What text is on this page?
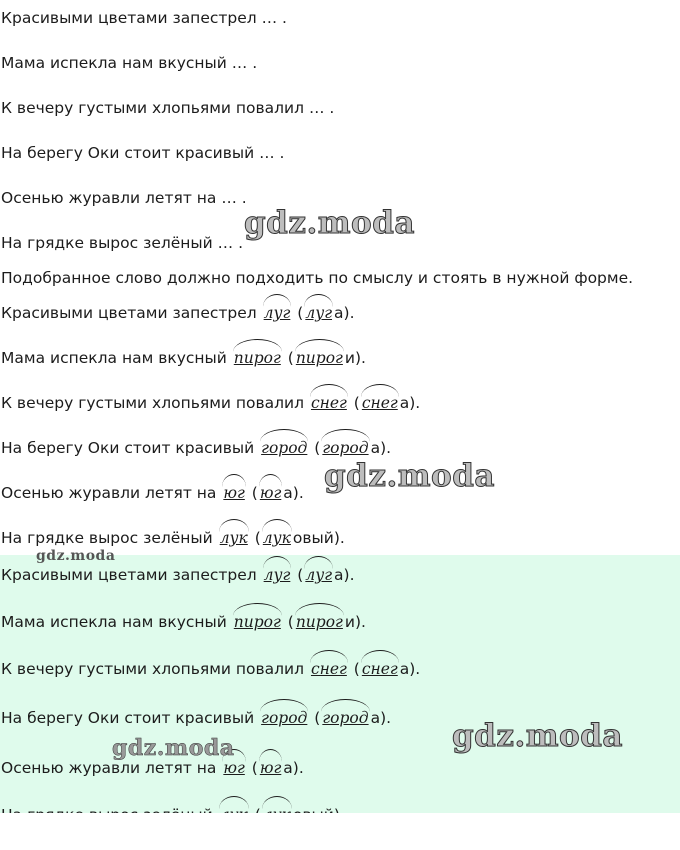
Красивыми цветами запестрел … .
Мама испекла нам вкусный … .
К вечеру густыми хлопьями повалил … .
На берегу Оки стоит красивый … .
Осенью журавли летят на … .
На грядке вырос зелёный … .
Подобранное слово должно подходить по смыслу и стоять в нужной форме.
Красивыми цветами запестрел луг ( луг а).
Мама испекла нам вкусный пирог ( пирог и).
К вечеру густыми хлопьями повалил снег ( снег а).
На берегу Оки стоит красивый город ( город а).
Осенью журавли летят на юг ( юг а).
На грядке вырос зелёный лук ( лук овый).
Красивыми цветами запестрел луг ( луг а).
Мама испекла нам вкусный пирог ( пирог и).
К вечеру густыми хлопьями повалил снег ( снег а).
На берегу Оки стоит красивый город ( город а).
Осенью журавли летят на юг ( юг а).
gdz.moda
gdz.moda
gdz.moda
gdz.moda
gdz.moda
